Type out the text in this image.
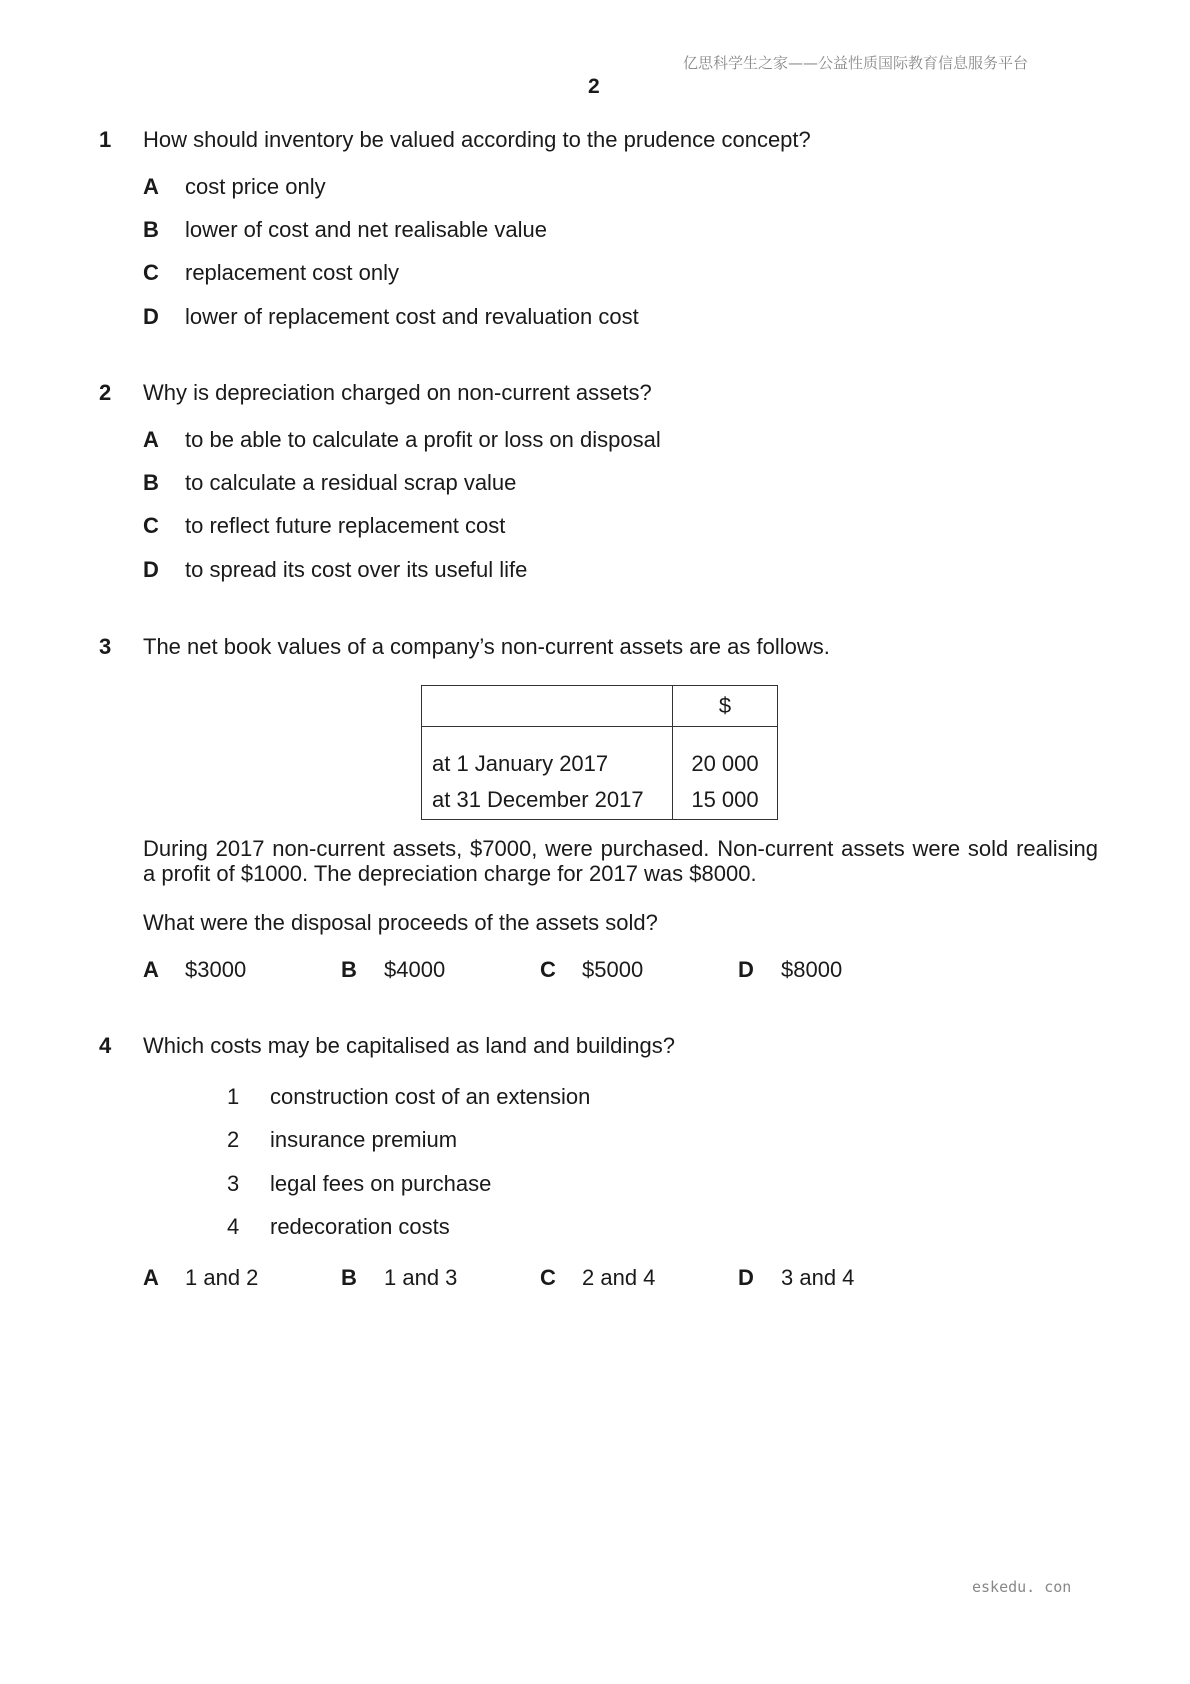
亿思科学生之家——公益性质国际教育信息服务平台
2
1 How should inventory be valued according to the prudence concept?
A cost price only
B lower of cost and net realisable value
C replacement cost only
D lower of replacement cost and revaluation cost
2 Why is depreciation charged on non-current assets?
A to be able to calculate a profit or loss on disposal
B to calculate a residual scrap value
C to reflect future replacement cost
D to spread its cost over its useful life
3 The net book values of a company’s non-current assets are as follows.
	$
at 1 January 2017	20 000
at 31 December 2017	15 000
During 2017 non-current assets, $7000, were purchased. Non-current assets were sold realising a profit of $1000. The depreciation charge for 2017 was $8000.
What were the disposal proceeds of the assets sold?
A $3000	B $4000	C $5000	D $8000
4 Which costs may be capitalised as land and buildings?
1 construction cost of an extension
2 insurance premium
3 legal fees on purchase
4 redecoration costs
A 1 and 2	B 1 and 3	C 2 and 4	D 3 and 4
eskedu. con
